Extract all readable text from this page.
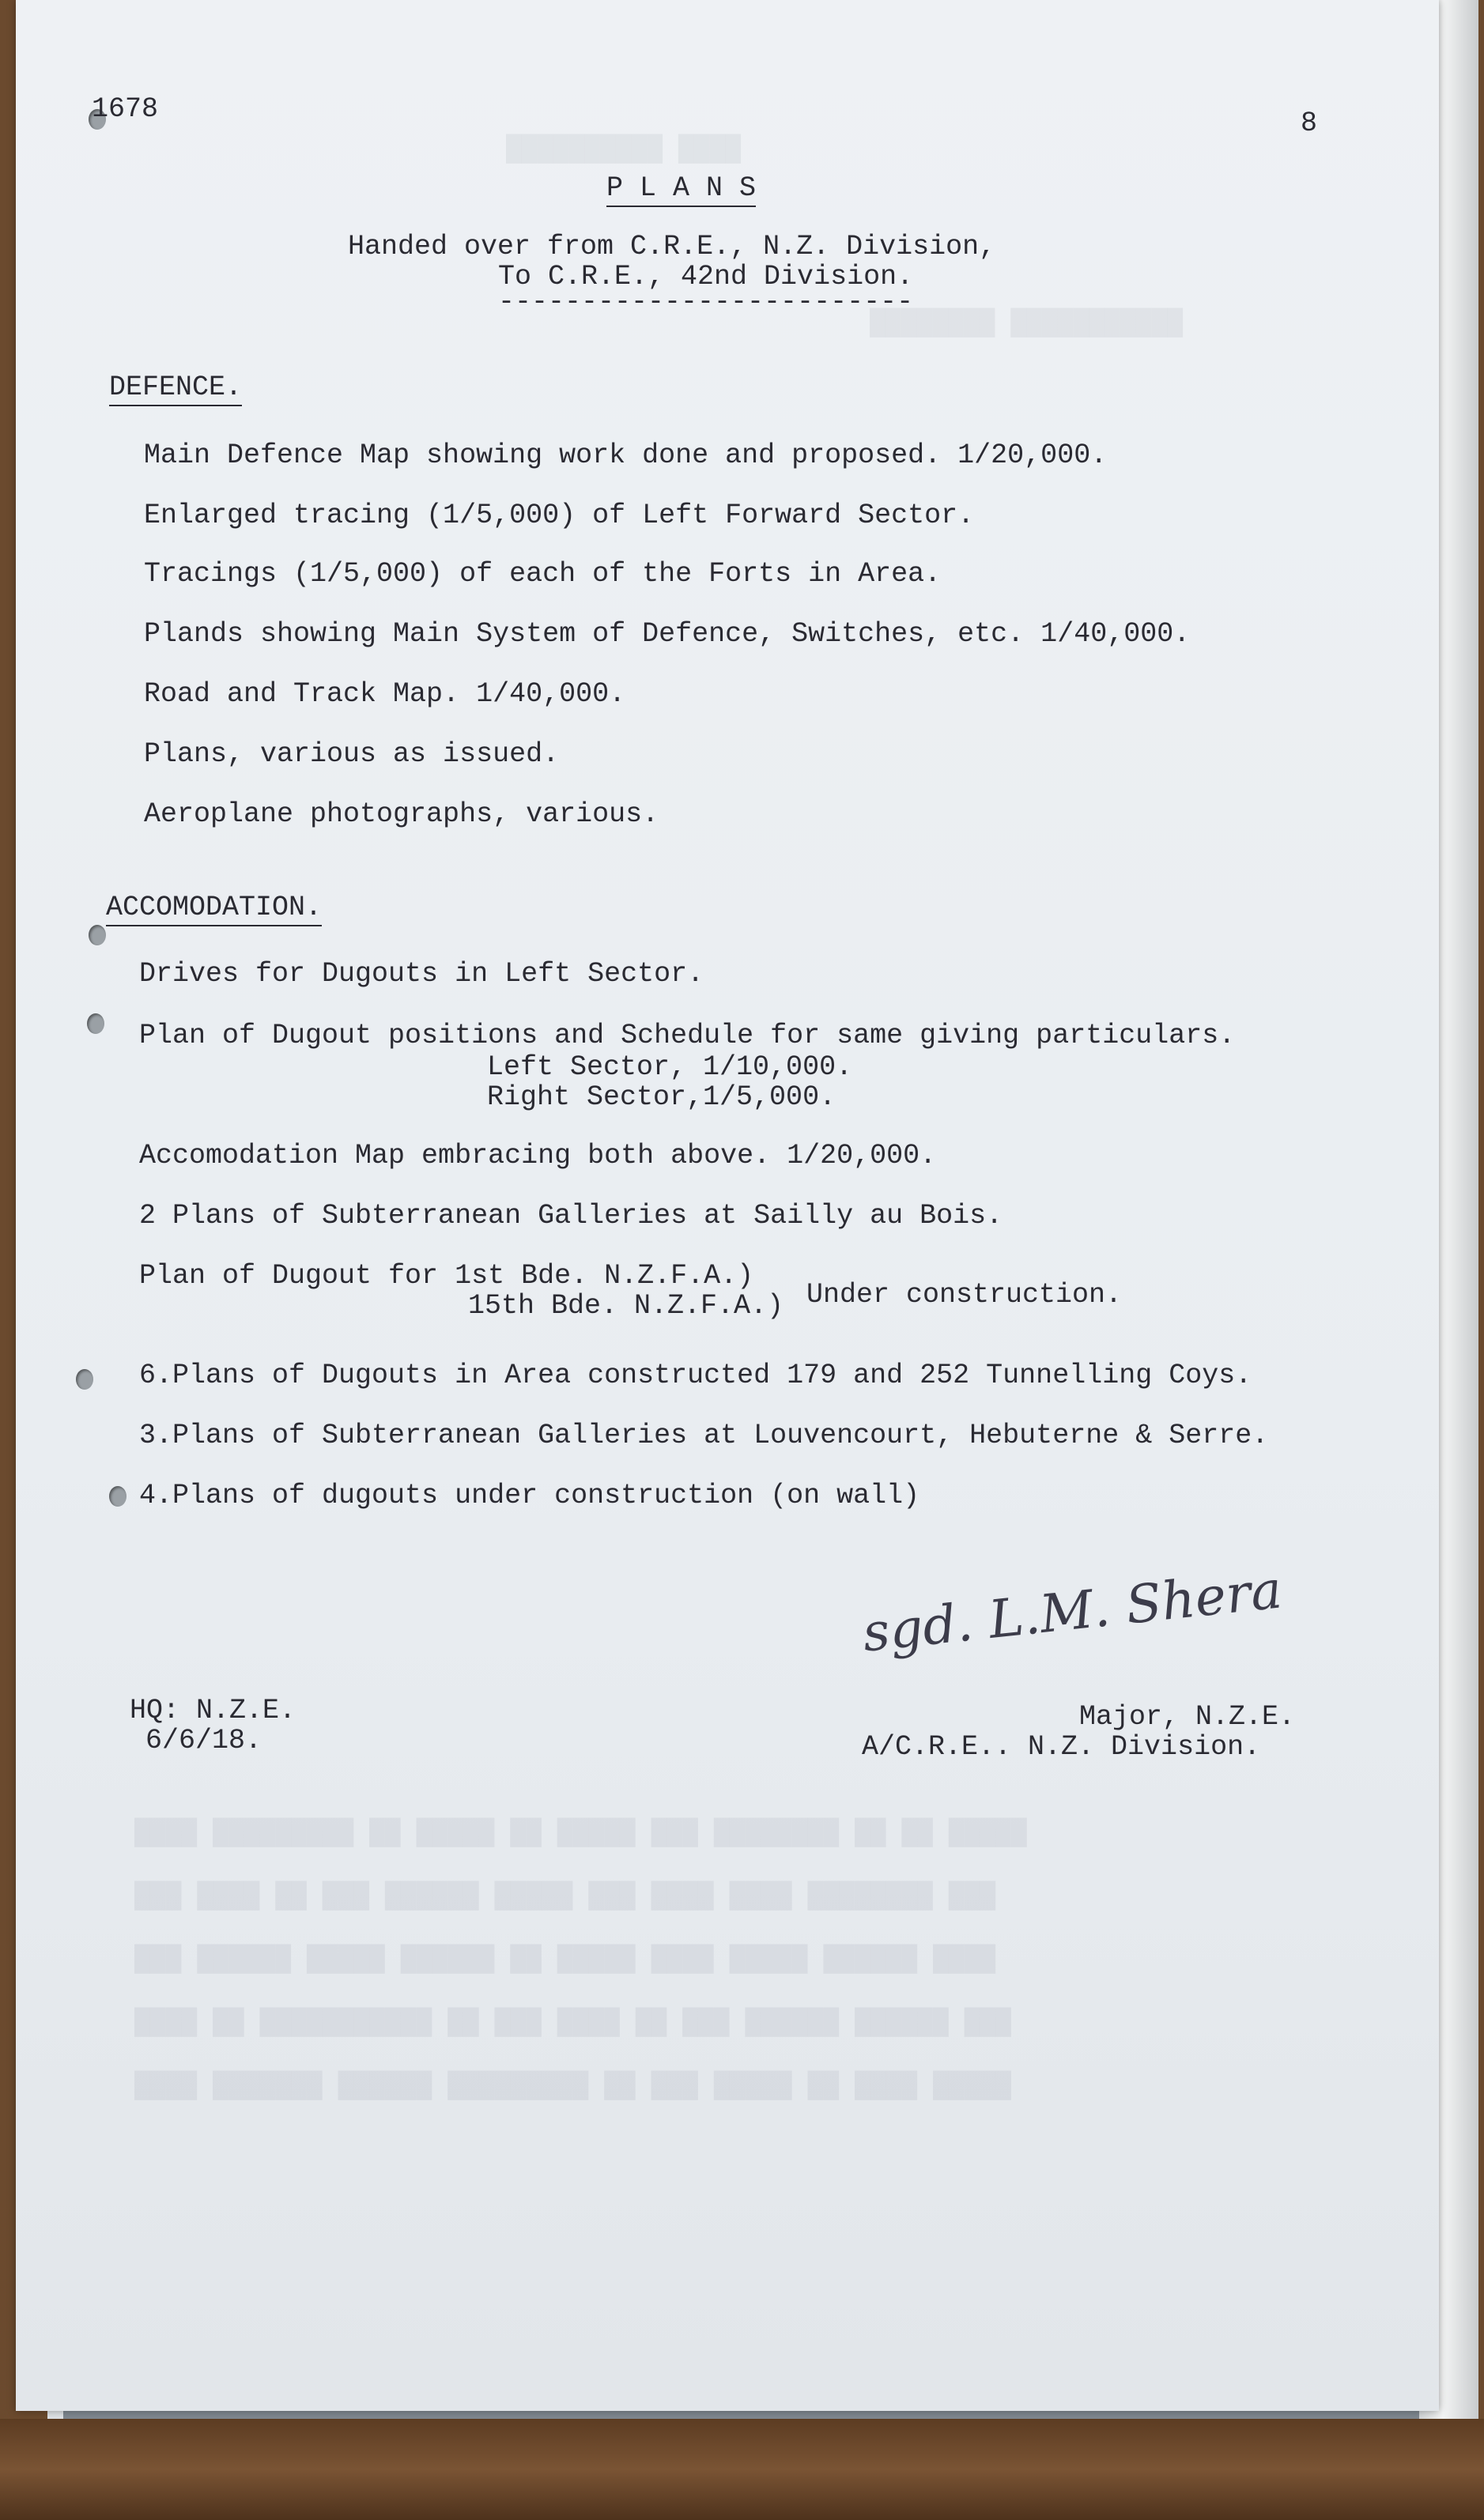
██████████ ████
████████ ███████████
████ █████████ ██ █████ ██ █████ ███ ████████ ██ ██ █████
███ ████ ██ ███ ██████ █████ ███ ████ ████ ████████ ███
███ ██████ █████ ██████ ██ █████ ████ █████ ██████ ████
████ ██ ███████████ ██ ███ ████ ██ ███ ██████ ██████ ███
████ ███████ ██████ █████████ ██ ███ █████ ██ ████ █████
1678	8
P L A N S
Handed over from C.R.E., N.Z. Division,
To C.R.E., 42nd Division.
-------------------------
DEFENCE.
Main Defence Map showing work done and proposed. 1/20,000.
Enlarged tracing (1/5,000) of Left Forward Sector.
Tracings (1/5,000) of each of the Forts in Area.
Plands showing Main System of Defence, Switches, etc. 1/40,000.
Road and Track Map. 1/40,000.
Plans, various as issued.
Aeroplane photographs, various.
ACCOMODATION.
Drives for Dugouts in Left Sector.
Plan of Dugout positions and Schedule for same giving particulars.
Left Sector, 1/10,000.
Right Sector,1/5,000.
Accomodation Map embracing both above. 1/20,000.
2 Plans of Subterranean Galleries at Sailly au Bois.
Plan of Dugout for 1st Bde. N.Z.F.A.)
15th Bde. N.Z.F.A.) Under construction.
6.Plans of Dugouts in Area constructed 179 and 252 Tunnelling Coys.
3.Plans of Subterranean Galleries at Louvencourt, Hebuterne & Serre.
4.Plans of dugouts under construction (on wall)
sgd. L.M. Shera
Major, N.Z.E.
A/C.R.E.. N.Z. Division.
HQ: N.Z.E.
6/6/18.
